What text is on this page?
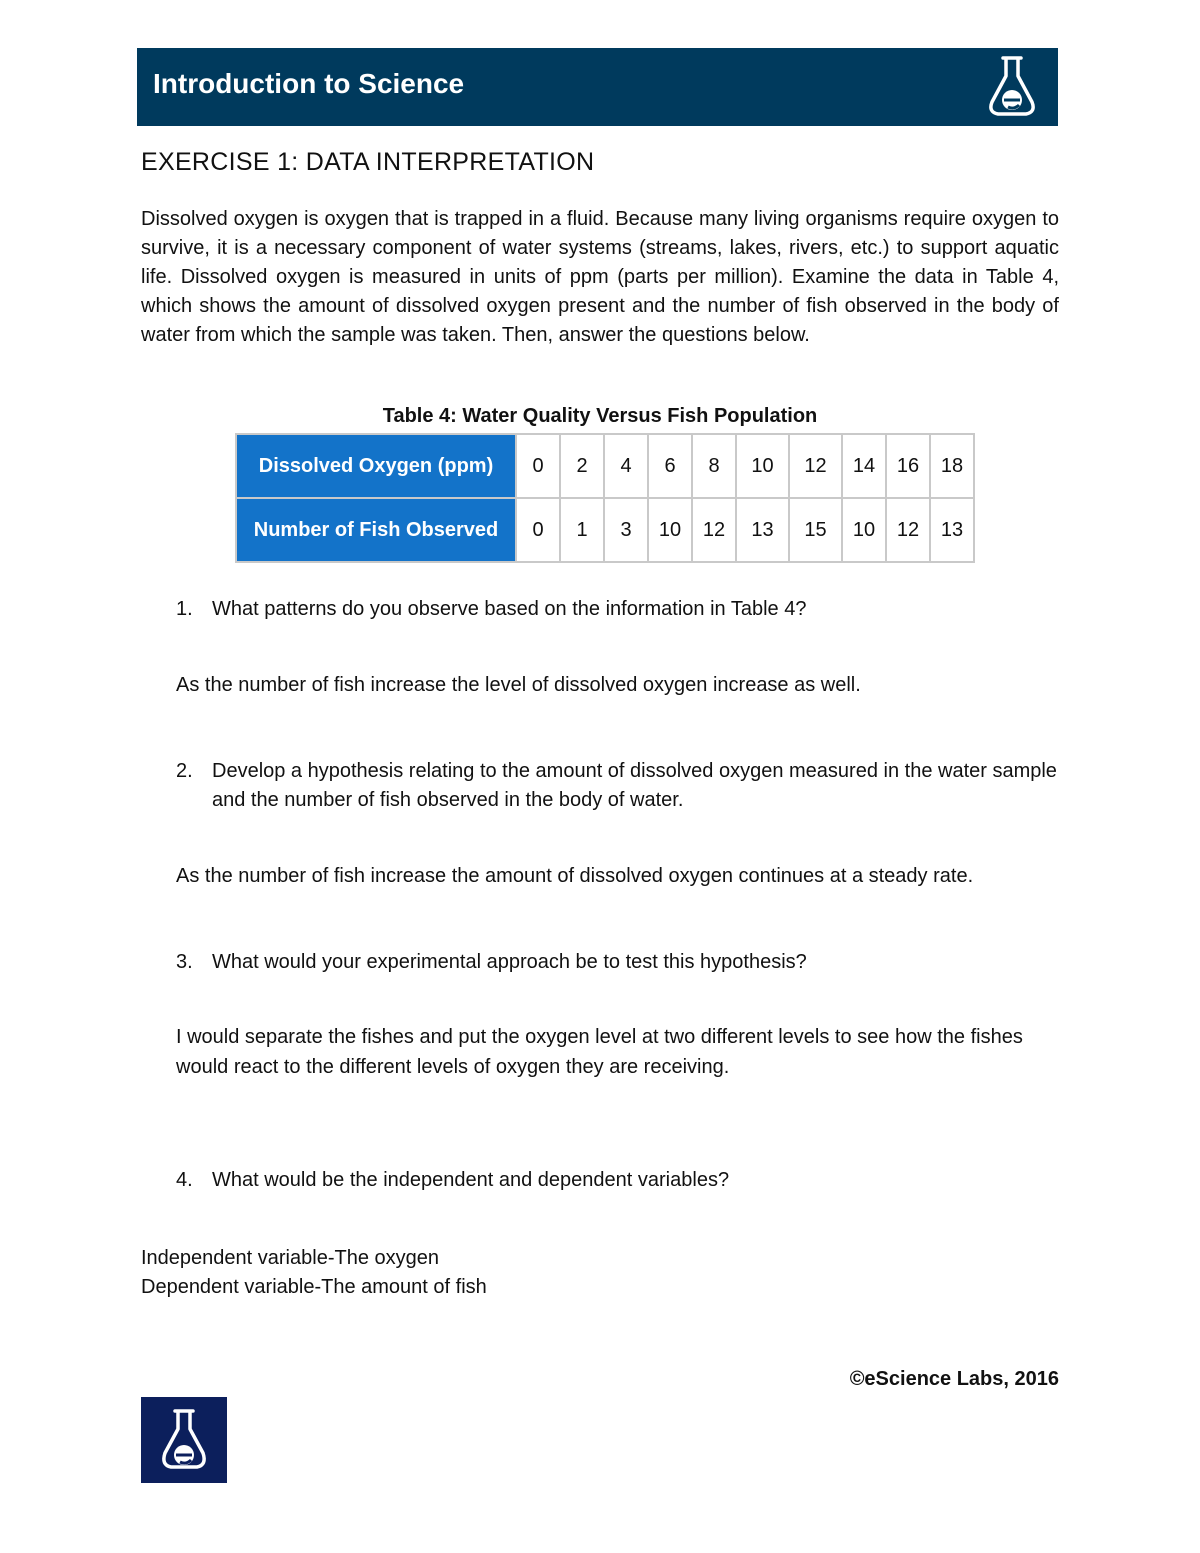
Introduction to Science
EXERCISE 1: DATA INTERPRETATION

Dissolved oxygen is oxygen that is trapped in a fluid. Because many living organisms require oxygen to survive, it is a necessary component of water systems (streams, lakes, rivers, etc.) to support aquatic life. Dissolved oxygen is measured in units of ppm (parts per million). Examine the data in Table 4, which shows the amount of dissolved oxygen present and the number of fish observed in the body of water from which the sample was taken. Then, answer the questions below.

Table 4: Water Quality Versus Fish Population
Dissolved Oxygen (ppm)	0	2	4	6	8	10	12	14	16	18
Number of Fish Observed	0	1	3	10	12	13	15	10	12	13
1. What patterns do you observe based on the information in Table 4?

As the number of fish increase the level of dissolved oxygen increase as well.

2. Develop a hypothesis relating to the amount of dissolved oxygen measured in the water sample and the number of fish observed in the body of water.

As the number of fish increase the amount of dissolved oxygen continues at a steady rate.

3. What would your experimental approach be to test this hypothesis?

I would separate the fishes and put the oxygen level at two different levels to see how the fishes would react to the different levels of oxygen they are receiving.

4. What would be the independent and dependent variables?
Independent variable-The oxygen
Dependent variable-The amount of fish
©eScience Labs, 2016
